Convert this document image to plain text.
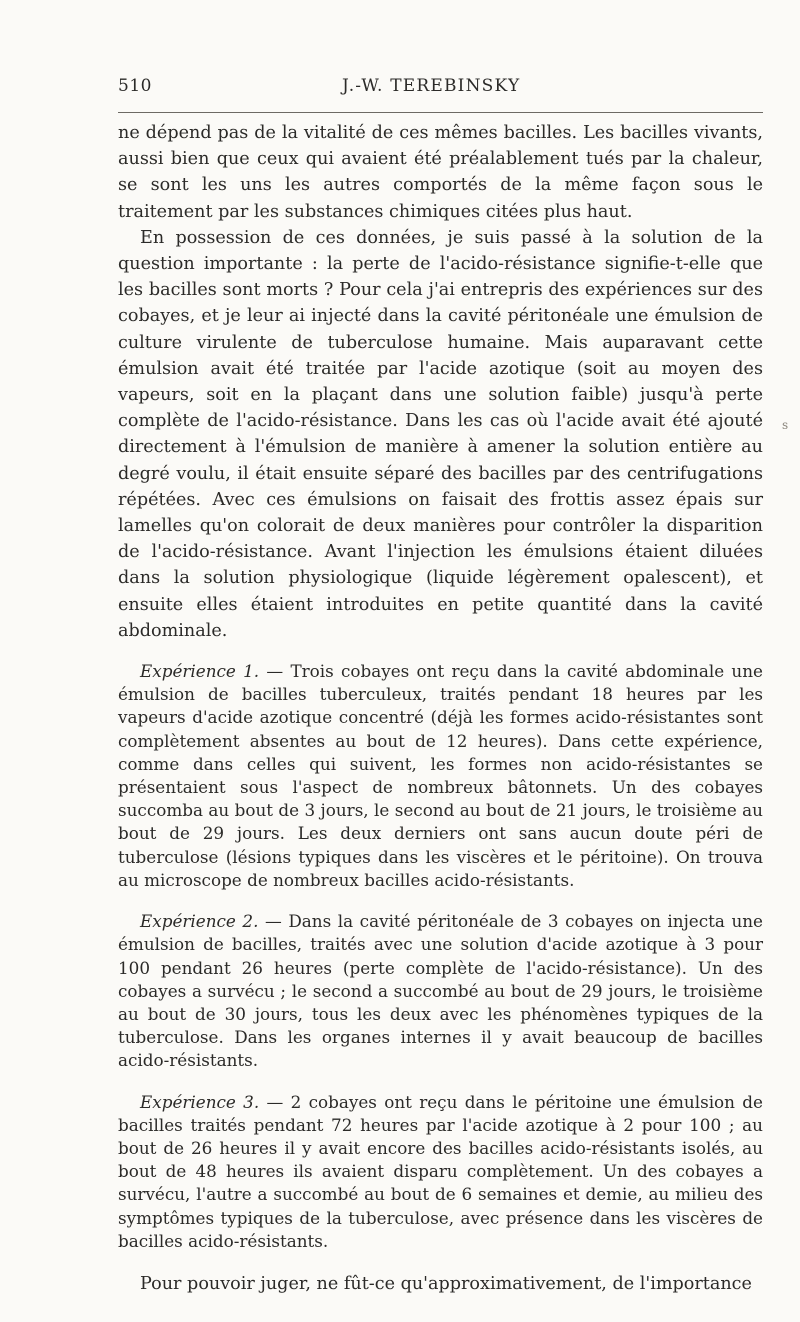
510	J.-W. TEREBINSKY

ne dépend pas de la vitalité de ces mêmes bacilles. Les bacilles vivants, aussi bien que ceux qui avaient été préalablement tués par la chaleur, se sont les uns les autres comportés de la même façon sous le traitement par les substances chimiques citées plus haut.

En possession de ces données, je suis passé à la solution de la question importante : la perte de l'acido-résistance signifie-t-elle que les bacilles sont morts ? Pour cela j'ai entrepris des expériences sur des cobayes, et je leur ai injecté dans la cavité péritonéale une émulsion de culture virulente de tuberculose humaine. Mais auparavant cette émulsion avait été traitée par l'acide azotique (soit au moyen des vapeurs, soit en la plaçant dans une solution faible) jusqu'à perte complète de l'acido-résistance. Dans les cas où l'acide avait été ajouté directement à l'émulsion de manière à amener la solution entière au degré voulu, il était ensuite séparé des bacilles par des centrifugations répétées. Avec ces émulsions on faisait des frottis assez épais sur lamelles qu'on colorait de deux manières pour contrôler la disparition de l'acido-résistance. Avant l'injection les émulsions étaient diluées dans la solution physiologique (liquide légèrement opalescent), et ensuite elles étaient introduites en petite quantité dans la cavité abdominale.

Expérience 1. — Trois cobayes ont reçu dans la cavité abdominale une émulsion de bacilles tuberculeux, traités pendant 18 heures par les vapeurs d'acide azotique concentré (déjà les formes acido-résistantes sont complètement absentes au bout de 12 heures). Dans cette expérience, comme dans celles qui suivent, les formes non acido-résistantes se présentaient sous l'aspect de nombreux bâtonnets. Un des cobayes succomba au bout de 3 jours, le second au bout de 21 jours, le troisième au bout de 29 jours. Les deux derniers ont sans aucun doute péri de tuberculose (lésions typiques dans les viscères et le péritoine). On trouva au microscope de nombreux bacilles acido-résistants.

Expérience 2. — Dans la cavité péritonéale de 3 cobayes on injecta une émulsion de bacilles, traités avec une solution d'acide azotique à 3 pour 100 pendant 26 heures (perte complète de l'acido-résistance). Un des cobayes a survécu ; le second a succombé au bout de 29 jours, le troisième au bout de 30 jours, tous les deux avec les phénomènes typiques de la tuberculose. Dans les organes internes il y avait beaucoup de bacilles acido-résistants.

Expérience 3. — 2 cobayes ont reçu dans le péritoine une émulsion de bacilles traités pendant 72 heures par l'acide azotique à 2 pour 100 ; au bout de 26 heures il y avait encore des bacilles acido-résistants isolés, au bout de 48 heures ils avaient disparu complètement. Un des cobayes a survécu, l'autre a succombé au bout de 6 semaines et demie, au milieu des symptômes typiques de la tuberculose, avec présence dans les viscères de bacilles acido-résistants.

Pour pouvoir juger, ne fût-ce qu'approximativement, de l'importance

s
